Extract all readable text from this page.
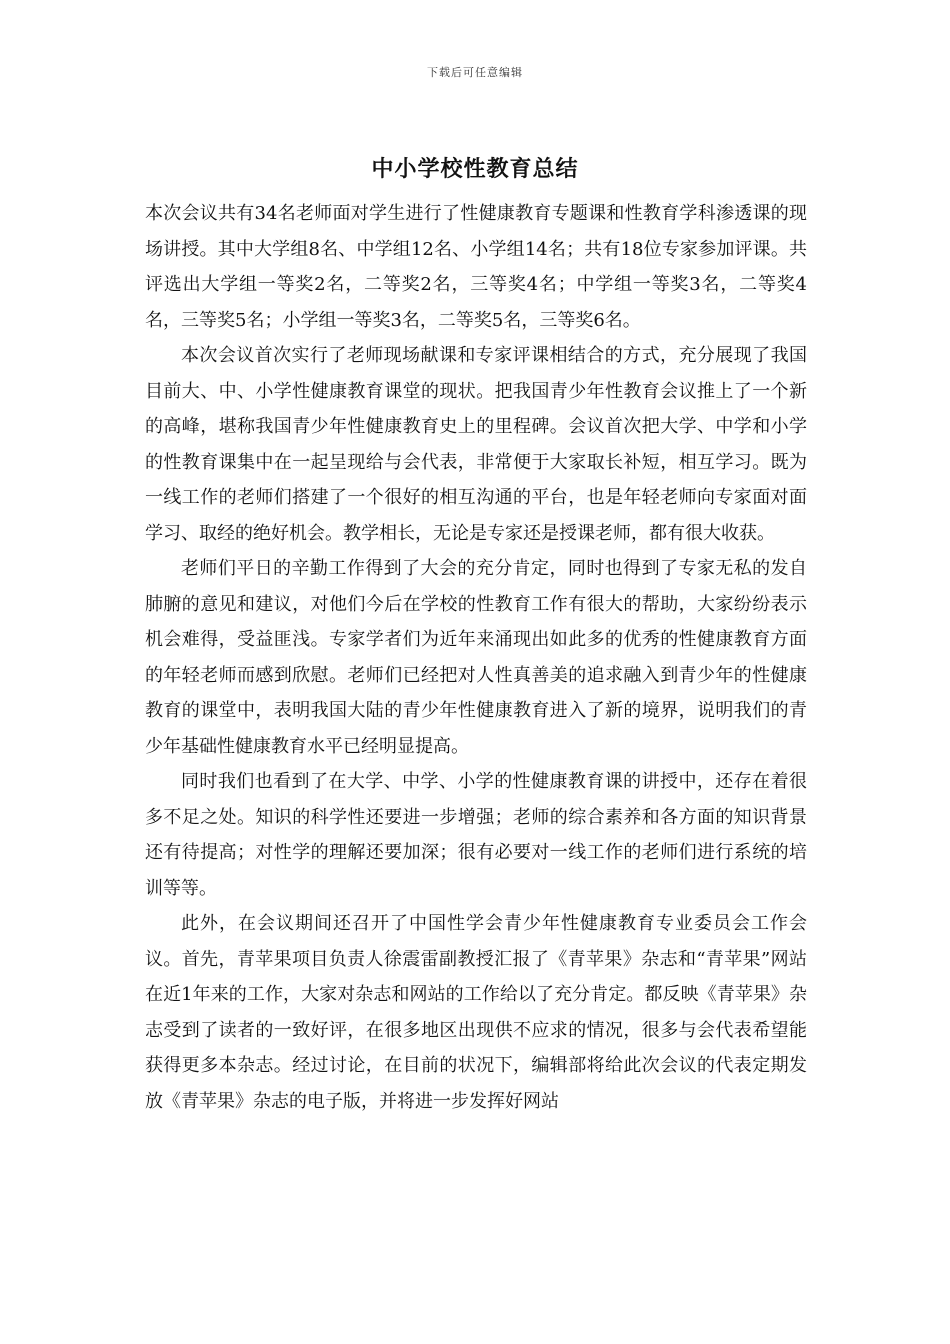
下载后可任意编辑
中小学校性教育总结

本次会议共有34名老师面对学生进行了性健康教育专题课和性教育学科渗透课的现场讲授。其中大学组8名、中学组12名、小学组14名；共有18位专家参加评课。共评选出大学组一等奖2名，二等奖2名，三等奖4名；中学组一等奖3名，二等奖4名，三等奖5名；小学组一等奖3名，二等奖5名，三等奖6名。

本次会议首次实行了老师现场献课和专家评课相结合的方式，充分展现了我国目前大、中、小学性健康教育课堂的现状。把我国青少年性教育会议推上了一个新的高峰，堪称我国青少年性健康教育史上的里程碑。会议首次把大学、中学和小学的性教育课集中在一起呈现给与会代表，非常便于大家取长补短，相互学习。既为一线工作的老师们搭建了一个很好的相互沟通的平台，也是年轻老师向专家面对面学习、取经的绝好机会。教学相长，无论是专家还是授课老师，都有很大收获。

老师们平日的辛勤工作得到了大会的充分肯定，同时也得到了专家无私的发自肺腑的意见和建议，对他们今后在学校的性教育工作有很大的帮助，大家纷纷表示机会难得，受益匪浅。专家学者们为近年来涌现出如此多的优秀的性健康教育方面的年轻老师而感到欣慰。老师们已经把对人性真善美的追求融入到青少年的性健康教育的课堂中，表明我国大陆的青少年性健康教育进入了新的境界，说明我们的青少年基础性健康教育水平已经明显提高。

同时我们也看到了在大学、中学、小学的性健康教育课的讲授中，还存在着很多不足之处。知识的科学性还要进一步增强；老师的综合素养和各方面的知识背景还有待提高；对性学的理解还要加深；很有必要对一线工作的老师们进行系统的培训等等。

此外，在会议期间还召开了中国性学会青少年性健康教育专业委员会工作会议。首先，青苹果项目负责人徐震雷副教授汇报了《青苹果》杂志和“青苹果”网站在近1年来的工作，大家对杂志和网站的工作给以了充分肯定。都反映《青苹果》杂志受到了读者的一致好评，在很多地区出现供不应求的情况，很多与会代表希望能获得更多本杂志。经过讨论，在目前的状况下，编辑部将给此次会议的代表定期发放《青苹果》杂志的电子版，并将进一步发挥好网站
